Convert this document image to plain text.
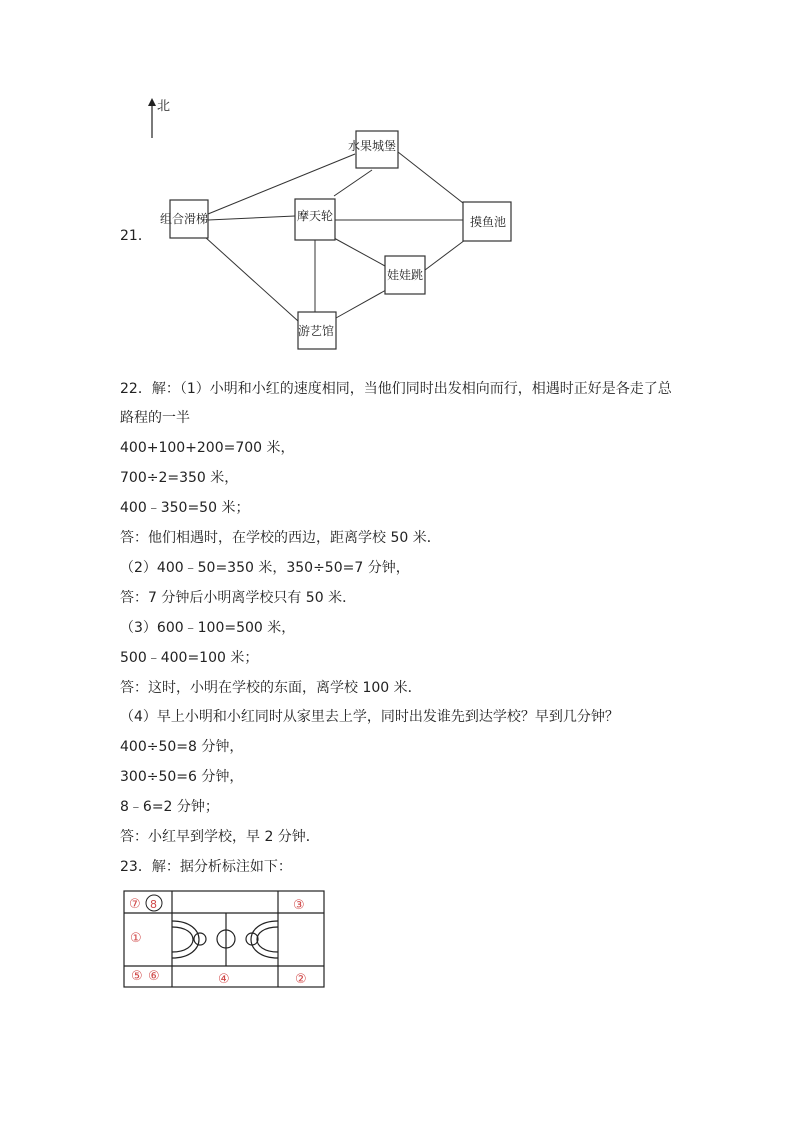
21．
北
水果城堡
组合滑梯	摩天轮	摸鱼池
娃娃跳
游艺馆
22．解：（1）小明和小红的速度相同，当他们同时出发相向而行，相遇时正好是各走了总
路程的一半
400+100+200=700 米，
700÷2=350 米，
400﹣350=50 米；
答：他们相遇时，在学校的西边，距离学校 50 米．
（2）400﹣50=350 米，350÷50=7 分钟，
答：7 分钟后小明离学校只有 50 米．
（3）600﹣100=500 米，
500﹣400=100 米；
答：这时，小明在学校的东面，离学校 100 米．
（4）早上小明和小红同时从家里去上学，同时出发谁先到达学校？早到几分钟？
400÷50=8 分钟，
300÷50=6 分钟，
8﹣6=2 分钟；
答：小红早到学校，早 2 分钟．
23．解：据分析标注如下：
⑦ 8	③
①
⑤ ⑥	④	②
